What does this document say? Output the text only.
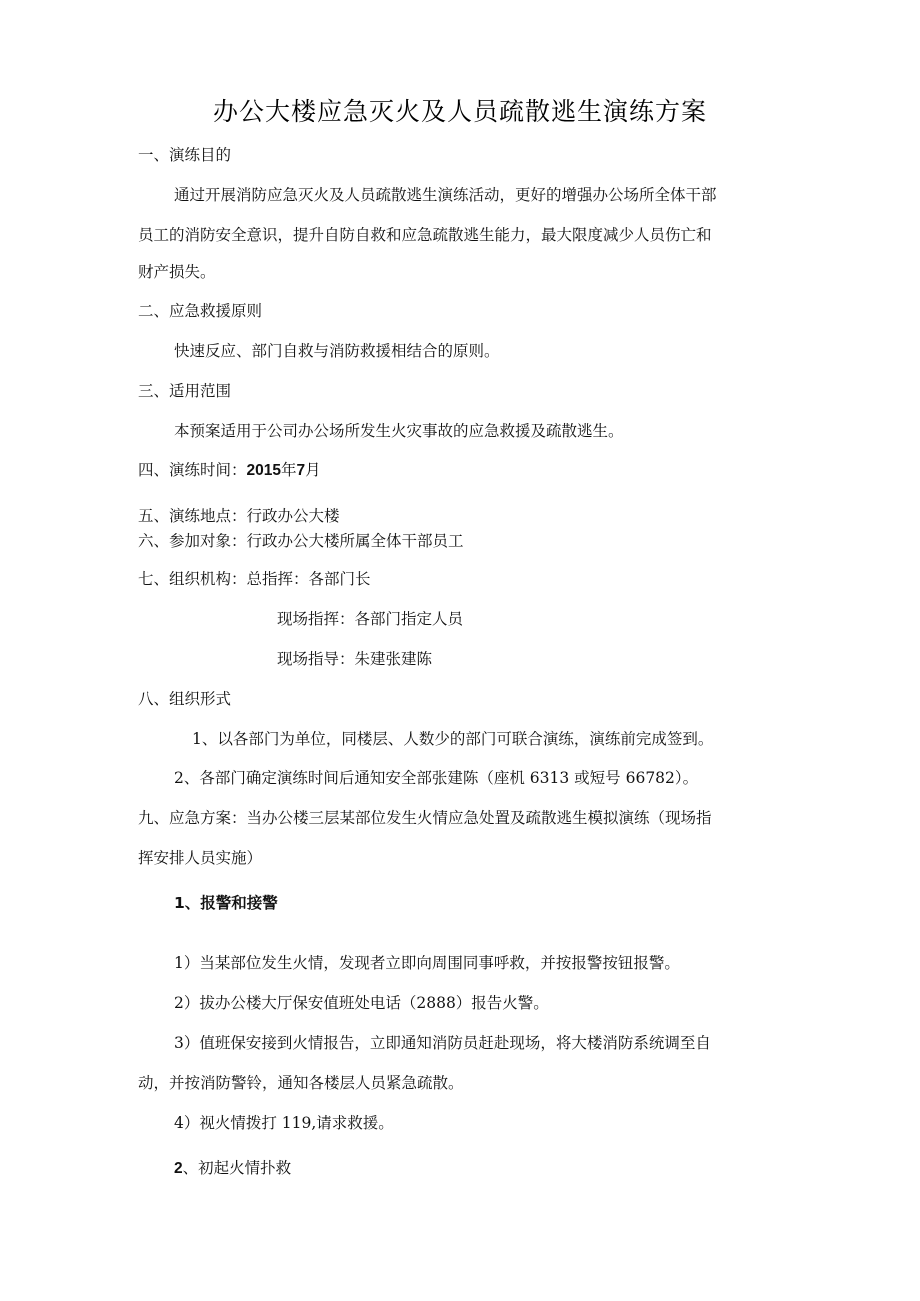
办公大楼应急灭火及人员疏散逃生演练方案
一、演练目的
通过开展消防应急灭火及人员疏散逃生演练活动，更好的增强办公场所全体干部
员工的消防安全意识，提升自防自救和应急疏散逃生能力，最大限度减少人员伤亡和
财产损失。
二、应急救援原则
快速反应、部门自救与消防救援相结合的原则。
三、适用范围
本预案适用于公司办公场所发生火灾事故的应急救援及疏散逃生。
四、演练时间：2015年7月
五、演练地点：行政办公大楼
六、参加对象：行政办公大楼所属全体干部员工
七、组织机构：总指挥：各部门长
现场指挥：各部门指定人员
现场指导：朱建张建陈
八、组织形式
1、以各部门为单位，同楼层、人数少的部门可联合演练，演练前完成签到。
2、各部门确定演练时间后通知安全部张建陈（座机 6313 或短号 66782）。
九、应急方案：当办公楼三层某部位发生火情应急处置及疏散逃生模拟演练（现场指
挥安排人员实施）
1、报警和接警
1）当某部位发生火情，发现者立即向周围同事呼救，并按报警按钮报警。
2）拔办公楼大厅保安值班处电话（2888）报告火警。
3）值班保安接到火情报告，立即通知消防员赶赴现场，将大楼消防系统调至自
动，并按消防警铃，通知各楼层人员紧急疏散。
4）视火情拨打 119,请求救援。
2、初起火情扑救
